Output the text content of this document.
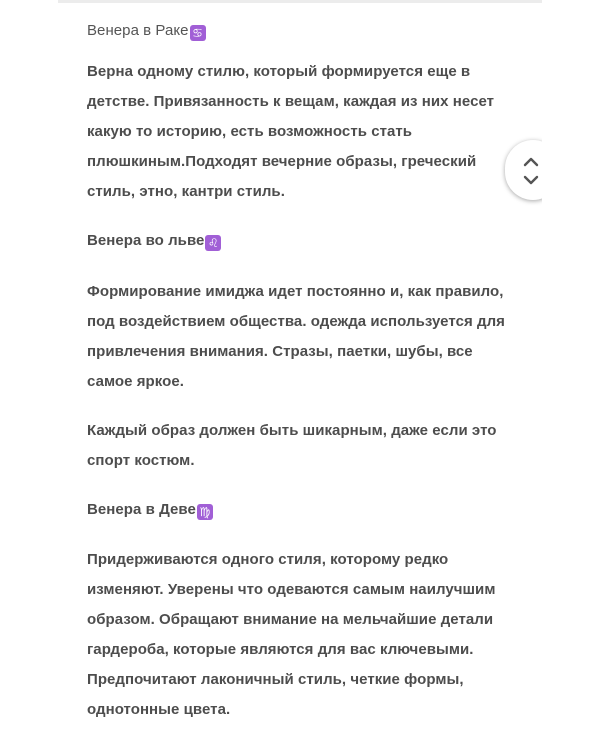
Венера в Раке ♋
Верна одному стилю, который формируется еще в
детстве. Привязанность к вещам, каждая из них несет
какую то историю, есть возможность стать
плюшкиным.Подходят вечерние образы, греческий
стиль, этно, кантри стиль.
Венера во льве ♌
Формирование имиджа идет постоянно и, как правило,
под воздействием общества. одежда используется для
привлечения внимания. Стразы, паетки, шубы, все
самое яркое.
Каждый образ должен быть шикарным, даже если это
спорт костюм.
Венера в Деве ♍
Придерживаются одного стиля, которому редко
изменяют. Уверены что одеваются самым наилучшим
образом. Обращают внимание на мельчайшие детали
гардероба, которые являются для вас ключевыми.
Предпочитают лаконичный стиль, четкие формы,
однотонные цвета.
